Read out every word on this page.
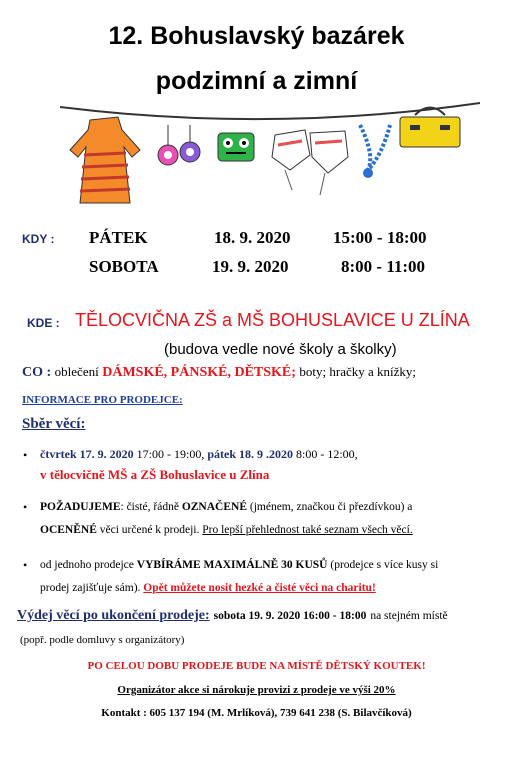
12. Bohuslavský bazárek
podzimní a zimní
KDY : PÁTEK	18. 9. 2020	15:00 - 18:00
SOBOTA	19. 9. 2020	8:00 - 11:00
KDE : TĚLOCVIČNA ZŠ a MŠ BOHUSLAVICE U ZLÍNA
(budova vedle nové školy a školky)
CO : oblečení DÁMSKÉ, PÁNSKÉ, DĚTSKÉ; boty; hračky a knížky;
INFORMACE PRO PRODEJCE:
Sběr věcí:
• čtvrtek 17. 9. 2020 17:00 - 19:00, pátek 18. 9 .2020 8:00 - 12:00,
v tělocvičně MŠ a ZŠ Bohuslavice u Zlína
• POŽADUJEME: čisté, řádně OZNAČENÉ (jménem, značkou či přezdívkou) a
OCENĚNÉ věci určené k prodeji. Pro lepší přehlednost také seznam všech věcí.
• od jednoho prodejce VYBÍRÁME MAXIMÁLNĚ 30 KUSŮ (prodejce s více kusy si
prodej zajišťuje sám). Opět můžete nosit hezké a čisté věci na charitu!
Výdej věcí po ukončení prodeje: sobota 19. 9. 2020 16:00 - 18:00 na stejném místě
(popř. podle domluvy s organizátory)
PO CELOU DOBU PRODEJE BUDE NA MÍSTĚ DĚTSKÝ KOUTEK!
Organizátor akce si nárokuje provizi z prodeje ve výši 20%
Kontakt : 605 137 194 (M. Mrlíková), 739 641 238 (S. Bilavčíková)
